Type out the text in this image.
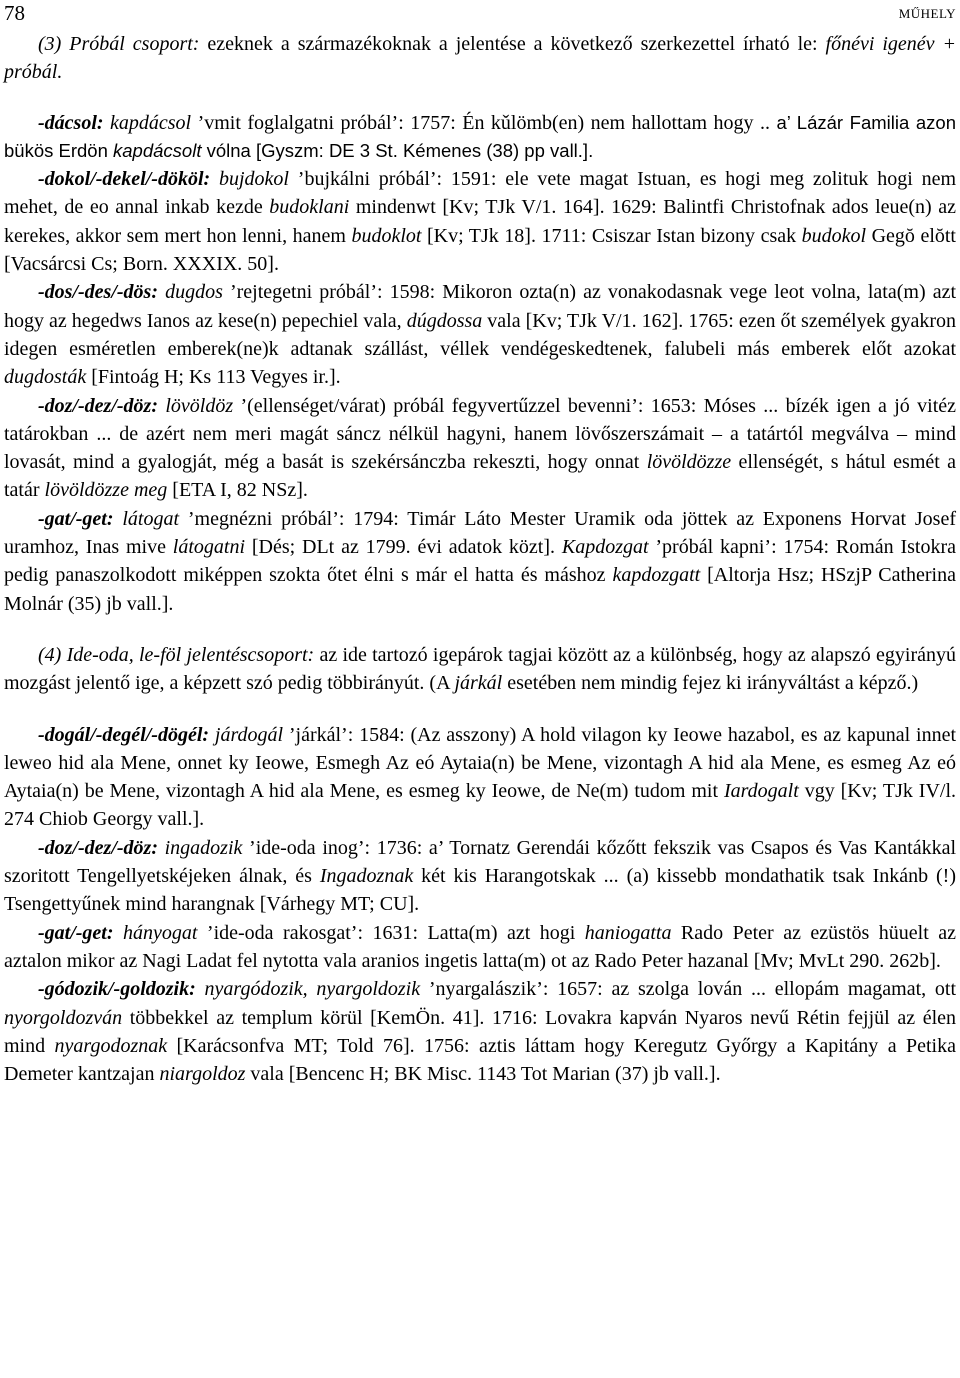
78	MŰHELY

(3) Próbál csoport: ezeknek a származékoknak a jelentése a következő szerkezettel írható le: főnévi igenév + próbál.

-dácsol: kapdácsol ’vmit foglalgatni próbál’: 1757: Én kǔlömb(en) nem hallottam hogy .. a’ Lázár Familia azon bükös Erdön kapdácsolt vólna [Gyszm: DE 3 St. Kémenes (38) pp vall.].

-dokol/-dekel/-dököl: bujdokol ’bujkálni próbál’: 1591: ele vete magat Istuan, es hogi meg zolituk hogi nem mehet, de eo annal inkab kezde budoklani mindenwt [Kv; TJk V/1. 164]. 1629: Balintfi Christofnak ados leue(n) az kerekes, akkor sem mert hon lenni, hanem budoklot [Kv; TJk 18]. 1711: Csiszar Istan bizony csak budokol Gegŏ elŏtt [Vacsárcsi Cs; Born. XXXIX. 50].

-dos/-des/-dös: dugdos ’rejtegetni próbál’: 1598: Mikoron ozta(n) az vonakodasnak vege leot volna, lata(m) azt hogy az hegedws Ianos az kese(n) pepechiel vala, dúgdossa vala [Kv; TJk V/1. 162]. 1765: ezen őt személyek gyakron idegen esméretlen emberek(ne)k adtanak szállást, véllek vendégeskedtenek, falubeli más emberek előt azokat dugdosták [Fintoág H; Ks 113 Vegyes ir.].

-doz/-dez/-döz: lövöldöz ’(ellenséget/várat) próbál fegyvertűzzel bevenni’: 1653: Móses ... bízék igen a jó vitéz tatárokban ... de azért nem meri magát sáncz nélkül hagyni, hanem lövőszerszámait – a tatártól megválva – mind lovasát, mind a gyalogját, még a basát is szekérsánczba rekeszti, hogy onnat lövöldözze ellenségét, s hátul esmét a tatár lövöldözze meg [ETA I, 82 NSz].

-gat/-get: látogat ’megnézni próbál’: 1794: Timár Láto Mester Uramik oda jöttek az Exponens Horvat Josef uramhoz, Inas mive látogatni [Dés; DLt az 1799. évi adatok közt]. Kapdozgat ’próbál kapni’: 1754: Román Istokra pedig panaszolkodott miképpen szokta őtet élni s már el hatta és máshoz kapdozgatt [Altorja Hsz; HSzjP Catherina Molnár (35) jb vall.].

(4) Ide-oda, le-föl jelentéscsoport: az ide tartozó igepárok tagjai között az a különbség, hogy az alapszó egyirányú mozgást jelentő ige, a képzett szó pedig többirányút. (A járkál esetében nem mindig fejez ki irányváltást a képző.)

-dogál/-degél/-dögél: járdogál ’járkál’: 1584: (Az asszony) A hold vilagon ky Ieowe hazabol, es az kapunal innet leweo hid ala Mene, onnet ky Ieowe, Esmegh Az eó Aytaia(n) be Mene, vizontagh A hid ala Mene, es esmeg Az eó Aytaia(n) be Mene, vizontagh A hid ala Mene, es esmeg ky Ieowe, de Ne(m) tudom mit Iardogalt vgy [Kv; TJk IV/l. 274 Chiob Georgy vall.].

-doz/-dez/-döz: ingadozik ’ide-oda inog’: 1736: a’ Tornatz Gerendái kőzőtt fekszik vas Csapos és Vas Kantákkal szoritott Tengellyetskéjeken álnak, és Ingadoznak két kis Harangotskak ... (a) kissebb mondathatik tsak Inkánb (!) Tsengettyűnek mind harangnak [Várhegy MT; CU].

-gat/-get: hányogat ’ide-oda rakosgat’: 1631: Latta(m) azt hogi haniogatta Rado Peter az ezüstös hüuelt az aztalon mikor az Nagi Ladat fel nytotta vala aranios ingetis latta(m) ot az Rado Peter hazanal [Mv; MvLt 290. 262b].

-gódozik/-goldozik: nyargódozik, nyargoldozik ’nyargalászik’: 1657: az szolga lován ... ellopám magamat, ott nyorgoldozván többekkel az templum körül [KemÖn. 41]. 1716: Lovakra kapván Nyaros nevű Rétin fejjül az élen mind nyargodoznak [Karácsonfva MT; Told 76]. 1756: aztis láttam hogy Keregutz Győrgy a Kapitány a Petika Demeter kantzajan niargoldoz vala [Bencenc H; BK Misc. 1143 Tot Marian (37) jb vall.].
